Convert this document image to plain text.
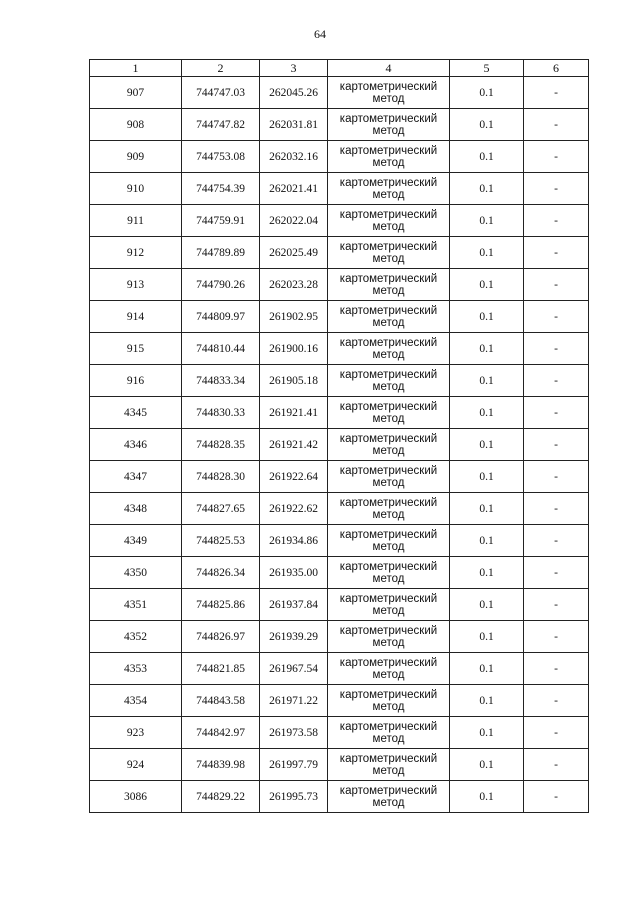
64
1	2	3	4	5	6
907	744747.03	262045.26	картометрический метод	0.1	-
908	744747.82	262031.81	картометрический метод	0.1	-
909	744753.08	262032.16	картометрический метод	0.1	-
910	744754.39	262021.41	картометрический метод	0.1	-
911	744759.91	262022.04	картометрический метод	0.1	-
912	744789.89	262025.49	картометрический метод	0.1	-
913	744790.26	262023.28	картометрический метод	0.1	-
914	744809.97	261902.95	картометрический метод	0.1	-
915	744810.44	261900.16	картометрический метод	0.1	-
916	744833.34	261905.18	картометрический метод	0.1	-
4345	744830.33	261921.41	картометрический метод	0.1	-
4346	744828.35	261921.42	картометрический метод	0.1	-
4347	744828.30	261922.64	картометрический метод	0.1	-
4348	744827.65	261922.62	картометрический метод	0.1	-
4349	744825.53	261934.86	картометрический метод	0.1	-
4350	744826.34	261935.00	картометрический метод	0.1	-
4351	744825.86	261937.84	картометрический метод	0.1	-
4352	744826.97	261939.29	картометрический метод	0.1	-
4353	744821.85	261967.54	картометрический метод	0.1	-
4354	744843.58	261971.22	картометрический метод	0.1	-
923	744842.97	261973.58	картометрический метод	0.1	-
924	744839.98	261997.79	картометрический метод	0.1	-
3086	744829.22	261995.73	картометрический метод	0.1	-
